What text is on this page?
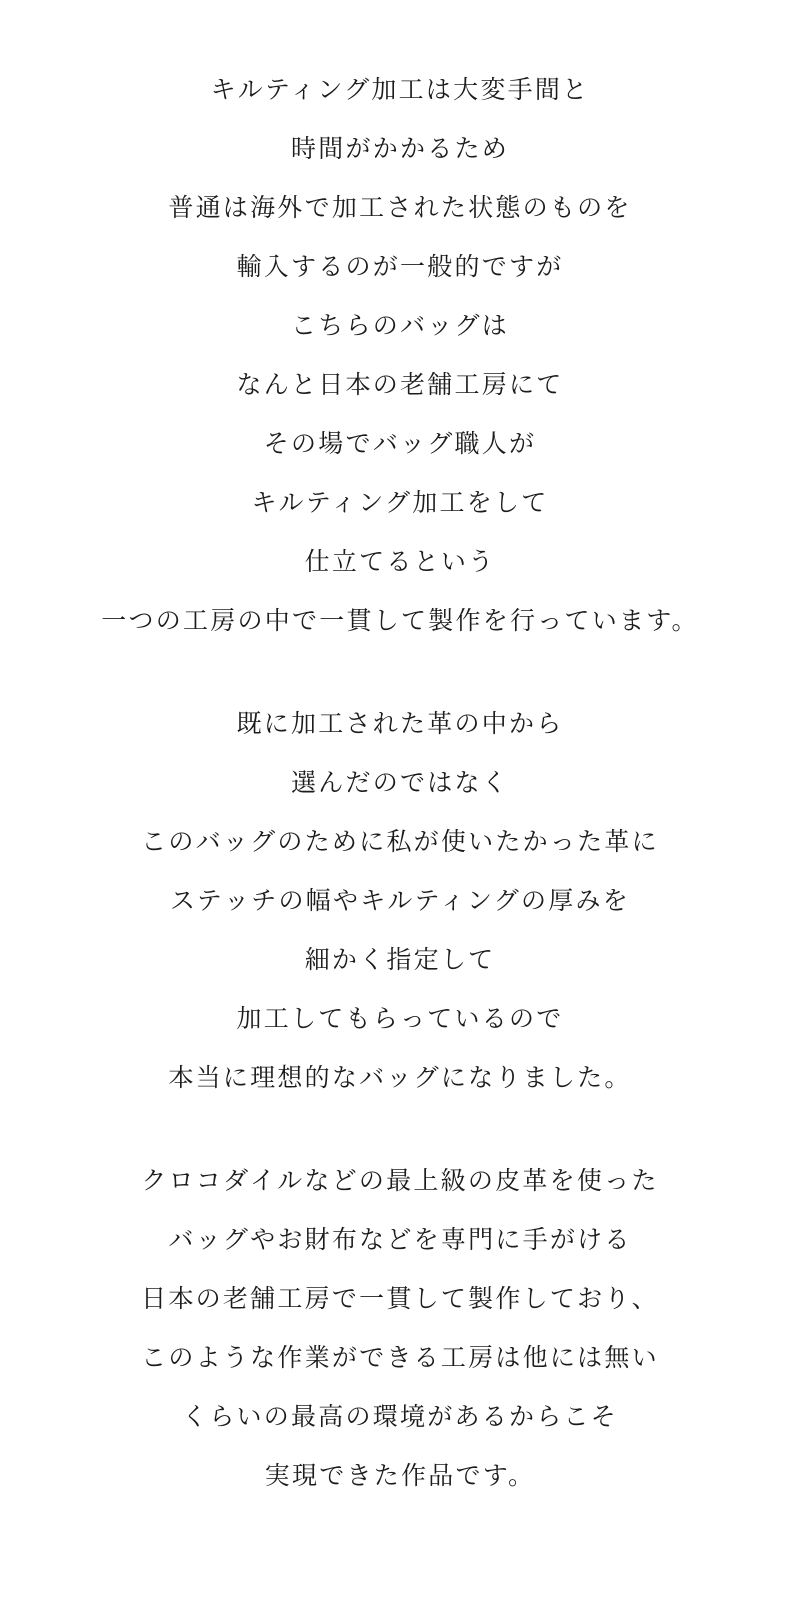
キルティング加工は大変手間と
時間がかかるため
普通は海外で加工された状態のものを
輸入するのが一般的ですが
こちらのバッグは
なんと日本の老舗工房にて
その場でバッグ職人が
キルティング加工をして
仕立てるという
一つの工房の中で一貫して製作を行っています。
既に加工された革の中から
選んだのではなく
このバッグのために私が使いたかった革に
ステッチの幅やキルティングの厚みを
細かく指定して
加工してもらっているので
本当に理想的なバッグになりました。
クロコダイルなどの最上級の皮革を使った
バッグやお財布などを専門に手がける
日本の老舗工房で一貫して製作しており、
このような作業ができる工房は他には無い
くらいの最高の環境があるからこそ
実現できた作品です。
